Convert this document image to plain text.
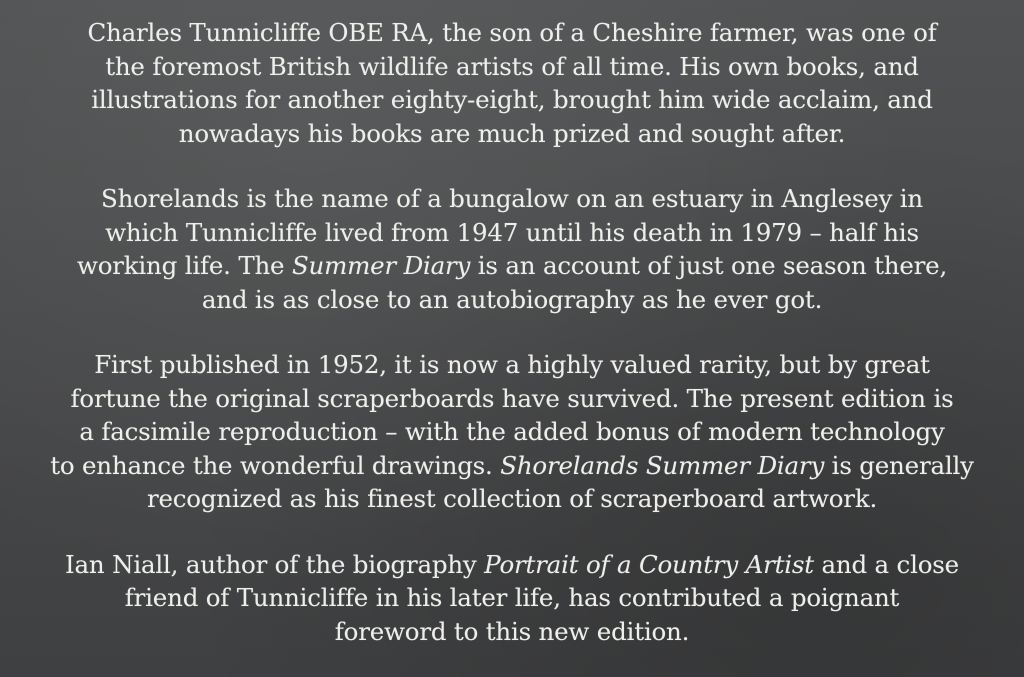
Charles Tunnicliffe OBE RA, the son of a Cheshire farmer, was one of
the foremost British wildlife artists of all time. His own books, and
illustrations for another eighty-eight, brought him wide acclaim, and
nowadays his books are much prized and sought after.

Shorelands is the name of a bungalow on an estuary in Anglesey in
which Tunnicliffe lived from 1947 until his death in 1979 – half his
working life. The Summer Diary is an account of just one season there,
and is as close to an autobiography as he ever got.

First published in 1952, it is now a highly valued rarity, but by great
fortune the original scraperboards have survived. The present edition is
a facsimile reproduction – with the added bonus of modern technology
to enhance the wonderful drawings. Shorelands Summer Diary is generally
recognized as his finest collection of scraperboard artwork.

Ian Niall, author of the biography Portrait of a Country Artist and a close
friend of Tunnicliffe in his later life, has contributed a poignant
foreword to this new edition.
